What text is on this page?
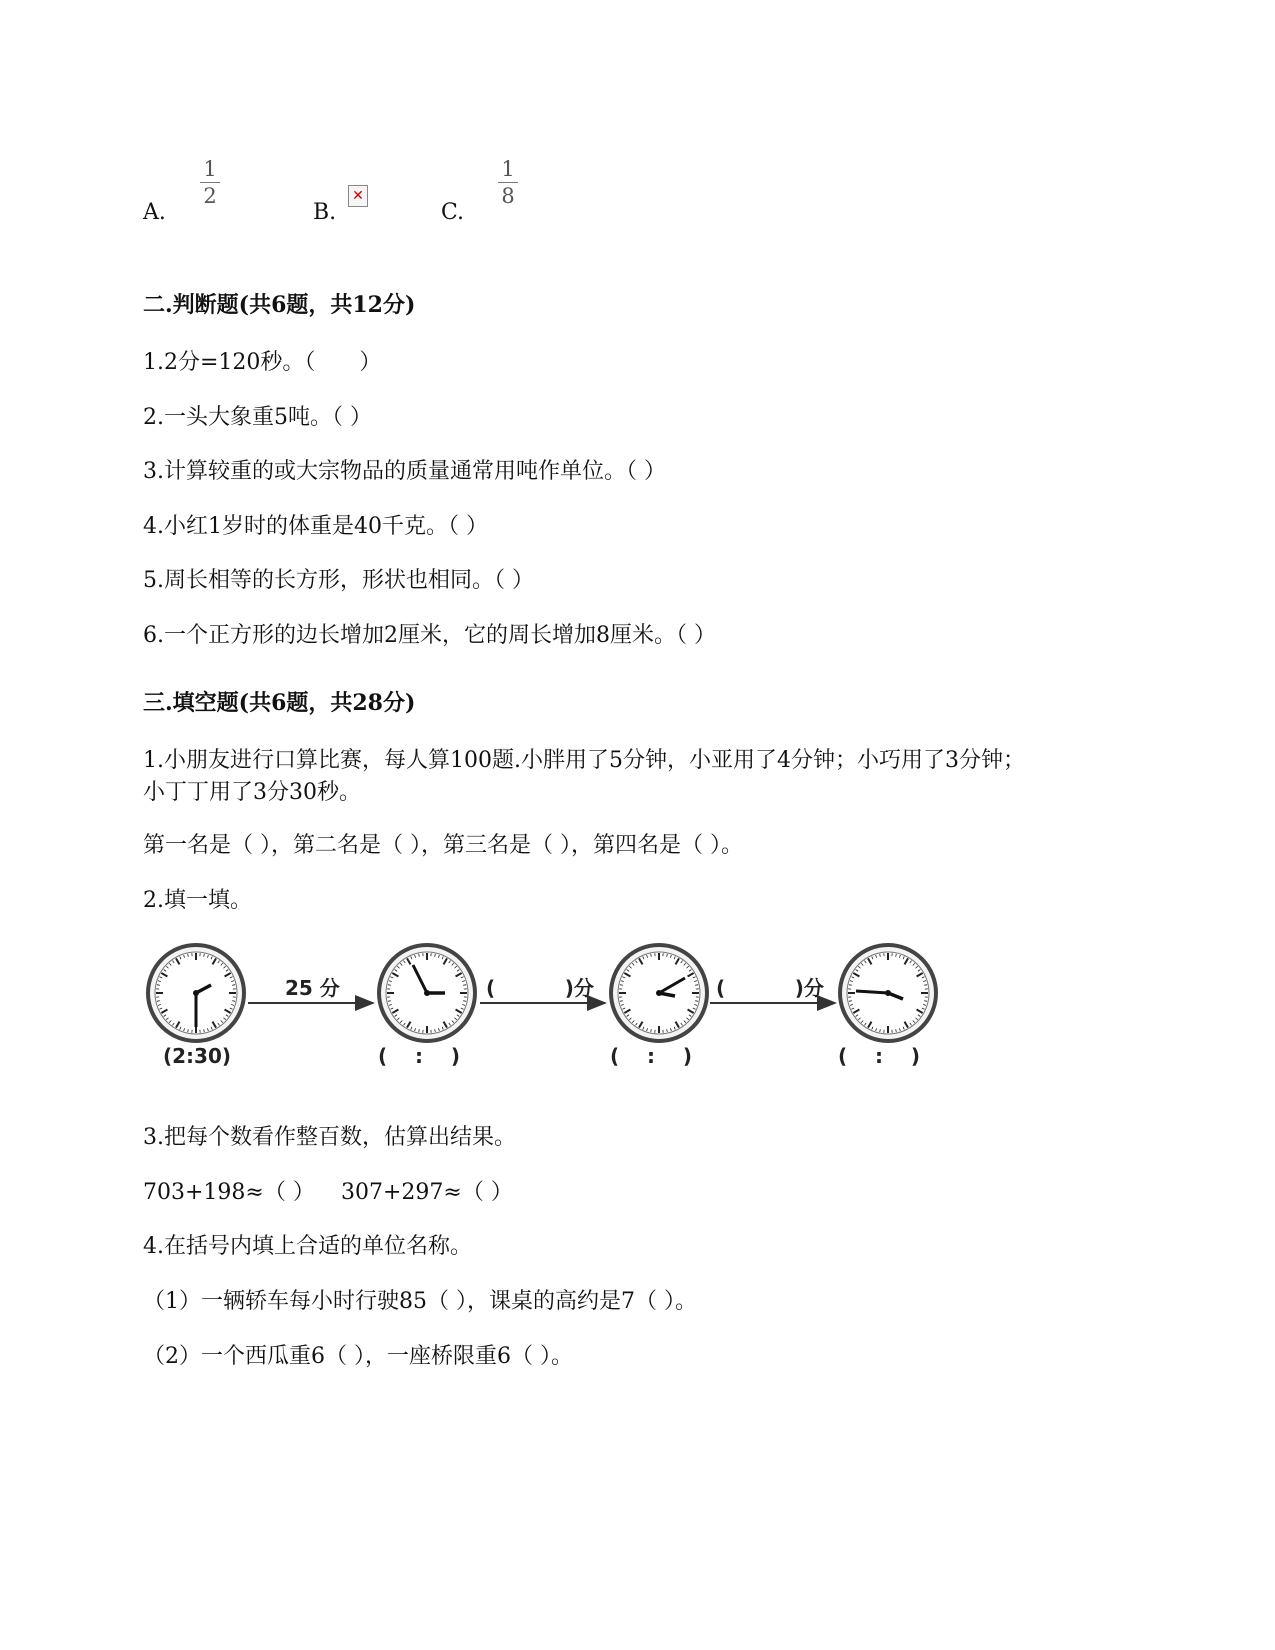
A.
1
2
B.
✕
C.
1
8
二.判断题(共6题，共12分)
1.2分=120秒。（　　）
2.一头大象重5吨。（ ）
3.计算较重的或大宗物品的质量通常用吨作单位。（ ）
4.小红1岁时的体重是40千克。（ ）
5.周长相等的长方形，形状也相同。（ ）
6.一个正方形的边长增加2厘米，它的周长增加8厘米。（ ）
三.填空题(共6题，共28分)
1.小朋友进行口算比赛，每人算100题.小胖用了5分钟，小亚用了4分钟；小巧用了3分钟；
小丁丁用了3分30秒。
第一名是（ ），第二名是（ ），第三名是（ ），第四名是（ ）。
2.填一填。
25 分	(          )分	(          )分
(2:30)	(    :    )	(    :    )	(    :    )
3.把每个数看作整百数，估算出结果。
703+198≈（ ） 307+297≈（ ）
4.在括号内填上合适的单位名称。
（1）一辆轿车每小时行驶85（ ），课桌的高约是7（ ）。
（2）一个西瓜重6（ ），一座桥限重6（ ）。
